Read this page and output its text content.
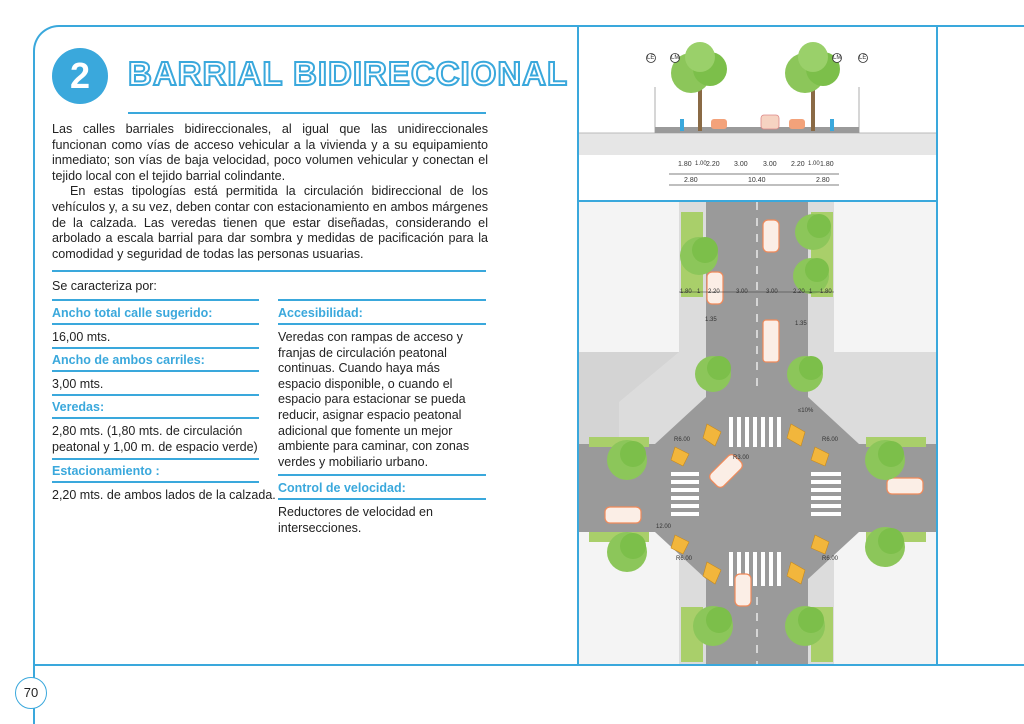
70
2	BARRIAL BIDIRECCIONAL

Las calles barriales bidireccionales, al igual que las unidireccionales funcionan como vías de acceso vehicular a la vivienda y a su equipamiento inmediato; son vías de baja velocidad, poco volumen vehicular y conectan el tejido local con el tejido barrial colindante.

En estas tipologías está permitida la circulación bidireccional de los vehículos y, a su vez, deben contar con estacionamiento en ambos márgenes de la calzada. Las veredas tienen que estar diseñadas, considerando el arbolado a escala barrial para dar sombra y medidas de pacificación para la comodidad y seguridad de todas las personas usuarias.

Se caracteriza por:
Ancho total calle sugerido:
16,00 mts.
Ancho de ambos carriles:
3,00 mts.
Veredas:
2,80 mts. (1,80 mts. de circulación peatonal y 1,00 m. de espacio verde)
Estacionamiento :
2,20 mts. de ambos lados de la calzada.
Accesibilidad:
Veredas con rampas de acceso y franjas de circulación peatonal continuas. Cuando haya más espacio disponible, o cuando el espacio para estacionar se pueda reducir, asignar espacio peatonal adicional que fomente un mejor ambiente para caminar, con zonas verdes y mobiliario urbano.
Control de velocidad:
Reductores de velocidad en intersecciones.
LE	LM	LM	LE
1.80 1.00 2.20 3.00 3.00 2.20 1.00 1.80
2.80	10.40	2.80
1.80 1 2.20	3.00	3.00	2.20 1 1.80
R6.00	R6.00
R6.00	R6.00
R3.00
12.00
≤10%
1.35
1.35
